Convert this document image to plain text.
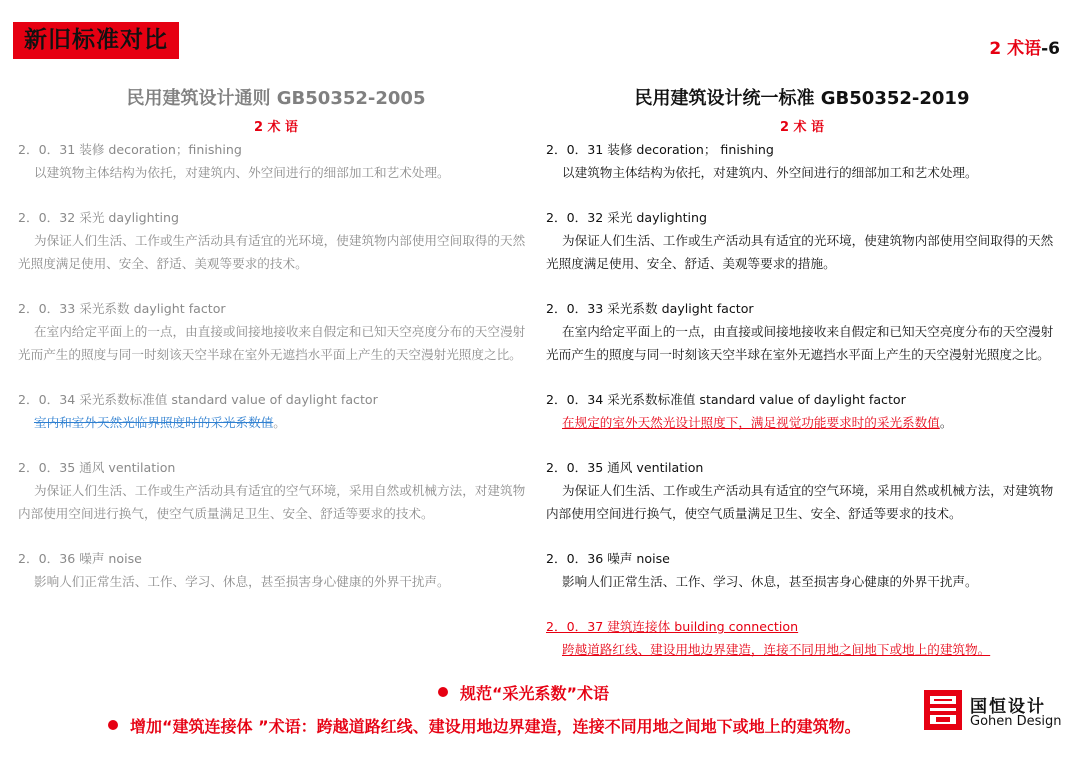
新旧标准对比	2 术语-6
民用建筑设计通则 GB50352-2005
2 术 语
民用建筑设计统一标准 GB50352-2019
2 术 语
2．0．31 装修 decoration；finishing
以建筑物主体结构为依托，对建筑内、外空间进行的细部加工和艺术处理。
2．0．32 采光 daylighting
为保证人们生活、工作或生产活动具有适宜的光环境，使建筑物内部使用空间取得的天然光照度满足使用、安全、舒适、美观等要求的技术。
2．0．33 采光系数 daylight factor
在室内给定平面上的一点，由直接或间接地接收来自假定和已知天空亮度分布的天空漫射光而产生的照度与同一时刻该天空半球在室外无遮挡水平面上产生的天空漫射光照度之比。
2．0．34 采光系数标准值 standard value of daylight factor
室内和室外天然光临界照度时的采光系数值。
2．0．35 通风 ventilation
为保证人们生活、工作或生产活动具有适宜的空气环境，采用自然或机械方法，对建筑物内部使用空间进行换气，使空气质量满足卫生、安全、舒适等要求的技术。
2．0．36 噪声 noise
影响人们正常生活、工作、学习、休息，甚至损害身心健康的外界干扰声。
2．0．31 装修 decoration； finishing
以建筑物主体结构为依托，对建筑内、外空间进行的细部加工和艺术处理。
2．0．32 采光 daylighting
为保证人们生活、工作或生产活动具有适宜的光环境，使建筑物内部使用空间取得的天然光照度满足使用、安全、舒适、美观等要求的措施。
2．0．33 采光系数 daylight factor
在室内给定平面上的一点，由直接或间接地接收来自假定和已知天空亮度分布的天空漫射光而产生的照度与同一时刻该天空半球在室外无遮挡水平面上产生的天空漫射光照度之比。
2．0．34 采光系数标准值 standard value of daylight factor
在规定的室外天然光设计照度下，满足视觉功能要求时的采光系数值。
2．0．35 通风 ventilation
为保证人们生活、工作或生产活动具有适宜的空气环境，采用自然或机械方法，对建筑物内部使用空间进行换气，使空气质量满足卫生、安全、舒适等要求的技术。
2．0．36 噪声 noise
影响人们正常生活、工作、学习、休息，甚至损害身心健康的外界干扰声。
2．0．37 建筑连接体 building connection
跨越道路红线、建设用地边界建造，连接不同用地之间地下或地上的建筑物。
规范“采光系数”术语
增加“建筑连接体 ”术语：跨越道路红线、建设用地边界建造，连接不同用地之间地下或地上的建筑物。
国恒设计
Gohen Design
